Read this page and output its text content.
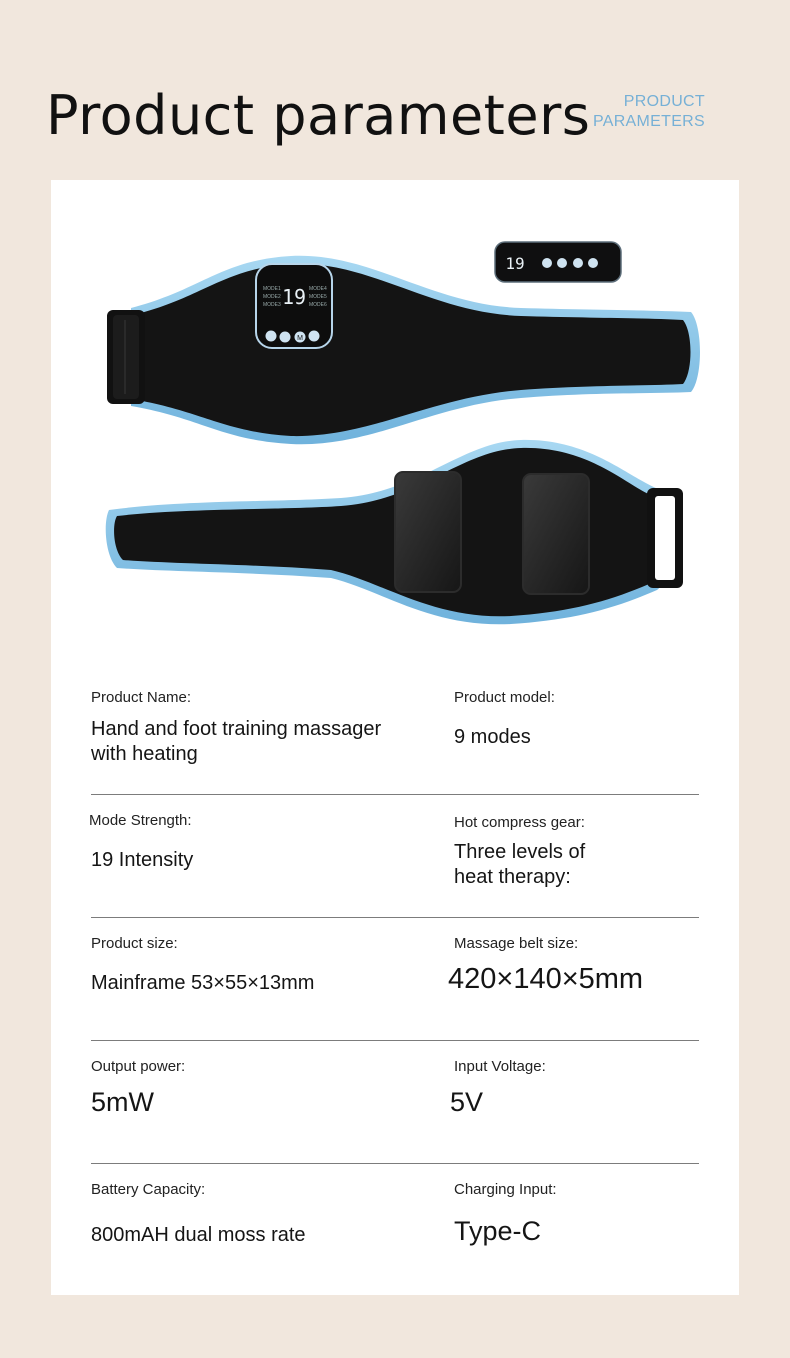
Product parameters	PRODUCT
PARAMETERS
19
MODE1
MODE2
MODE3
MODE4
MODE5
MODE6
M
19
Product Name:
Hand and foot training massager with heating
Product model:
9 modes
Mode Strength:
19 Intensity
Hot compress gear:
Three levels of heat therapy:
Product size:
Mainframe 53×55×13mm
Massage belt size:
420×140×5mm
Output power:
5mW
Input Voltage:
5V
Battery Capacity:
800mAH dual moss rate
Charging Input:
Type-C
